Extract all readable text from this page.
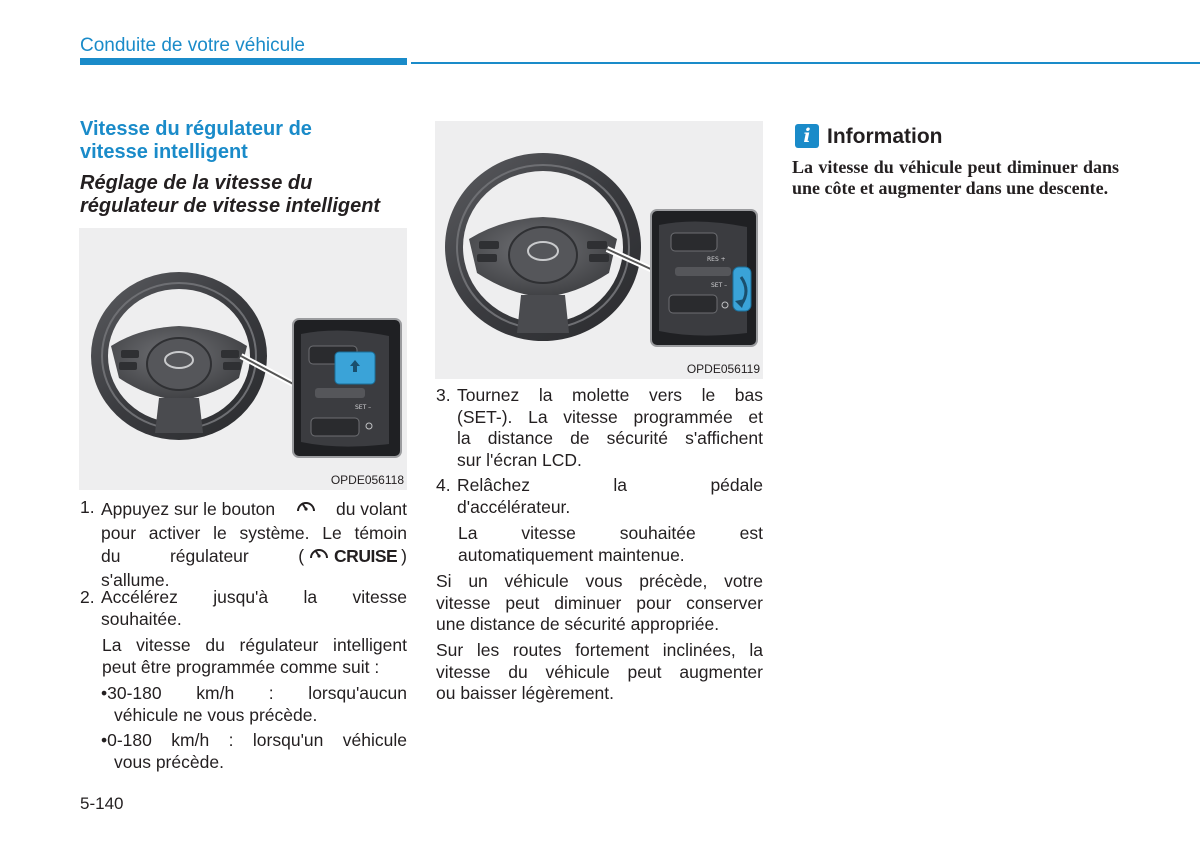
Conduite de votre véhicule
Vitesse du régulateur de
vitesse intelligent
Réglage de la vitesse du
régulateur de vitesse intelligent
SET –
OPDE056118
RES +
SET –
OPDE056119
1. Appuyez sur le bouton	du volant
pour activer le système. Le témoin
du	régulateur	( CRUISE )
s'allume.
2. Accélérez jusqu'à la vitesse
souhaitée.
La vitesse du régulateur intelligent
peut être programmée comme suit :
•30-180 km/h : lorsqu'aucun
véhicule ne vous précède.
•0-180 km/h : lorsqu'un véhicule
vous précède.
3. Tournez la molette vers le bas
(SET-). La vitesse programmée et
la distance de sécurité s'affichent
sur l'écran LCD.
4. Relâchez la pédale
d'accélérateur.
La vitesse souhaitée est
automatiquement maintenue.
Si un véhicule vous précède, votre
vitesse peut diminuer pour conserver
une distance de sécurité appropriée.
Sur les routes fortement inclinées, la
vitesse du véhicule peut augmenter
ou baisser légèrement.
i Information
La vitesse du véhicule peut diminuer dans une côte et augmenter dans une descente.
5-140
